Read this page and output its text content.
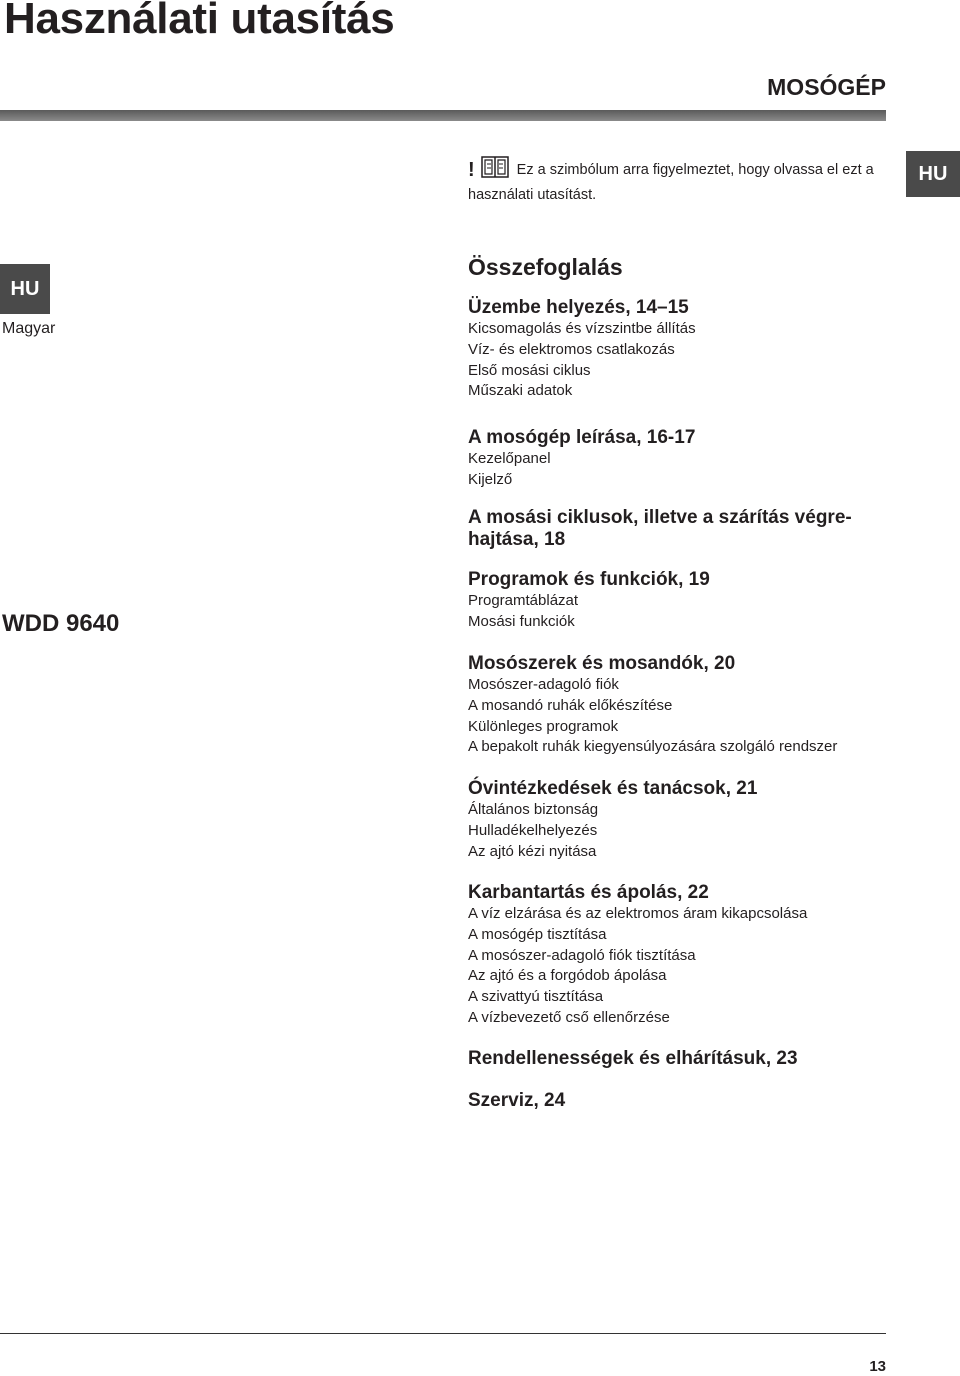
Használati utasítás
MOSÓGÉP
HU
!	Ez a szimbólum arra figyelmeztet, hogy olvassa el ezt a használati utasítást.
HU
Magyar
WDD 9640
Összefoglalás
Üzembe helyezés, 14–15
Kicsomagolás és vízszintbe állítás
Víz- és elektromos csatlakozás
Első mosási ciklus
Műszaki adatok
A mosógép leírása, 16-17
Kezelőpanel
Kijelző
A mosási ciklusok, illetve a szárítás végre-
hajtása, 18
Programok és funkciók, 19
Programtáblázat
Mosási funkciók
Mosószerek és mosandók, 20
Mosószer-adagoló fiók
A mosandó ruhák előkészítése
Különleges programok
A bepakolt ruhák kiegyensúlyozására szolgáló rendszer
Óvintézkedések és tanácsok, 21
Általános biztonság
Hulladékelhelyezés
Az ajtó kézi nyitása
Karbantartás és ápolás, 22
A víz elzárása és az elektromos áram kikapcsolása
A mosógép tisztítása
A mosószer-adagoló fiók tisztítása
Az ajtó és a forgódob ápolása
A szivattyú tisztítása
A vízbevezető cső ellenőrzése
Rendellenességek és elhárításuk, 23
Szerviz, 24
13
